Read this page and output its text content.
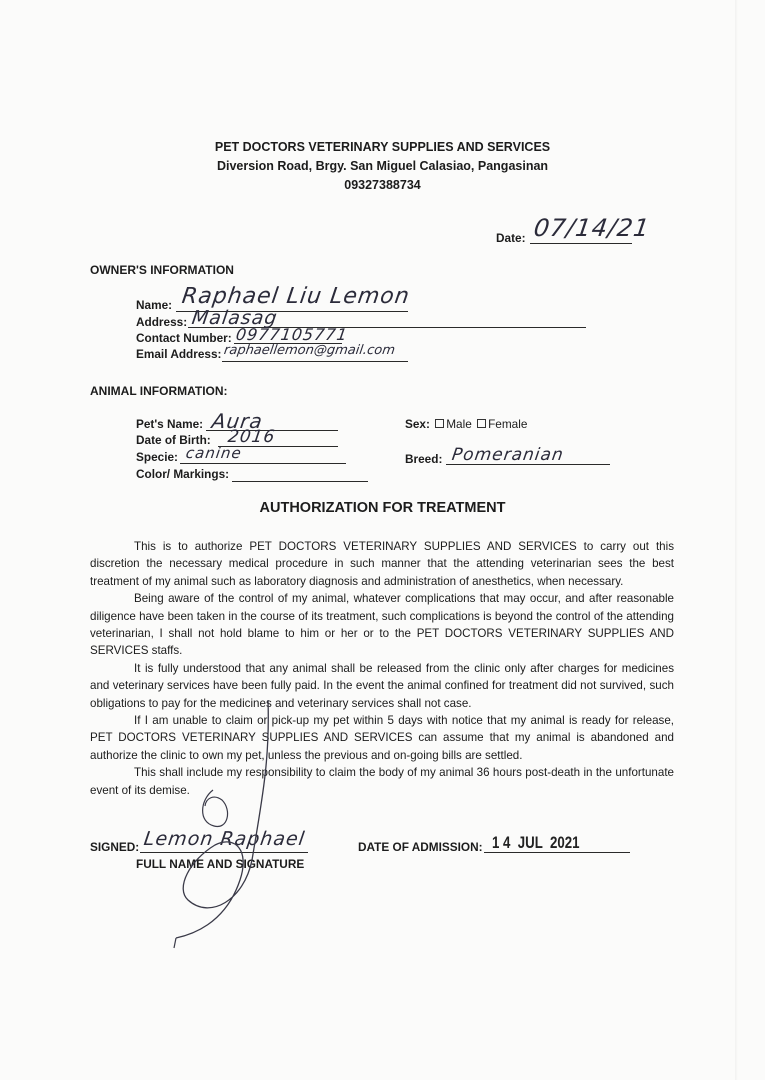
PET DOCTORS VETERINARY SUPPLIES AND SERVICES
Diversion Road, Brgy. San Miguel Calasiao, Pangasinan
09327388734
Date: 07/14/21
OWNER'S INFORMATION
Name: Raphael Liu Lemon
Address: Malasag
Contact Number: 0977105771
Email Address: raphaellemon@gmail.com
ANIMAL INFORMATION:
Pet's Name: Aura
Date of Birth: 2016
Specie: canine
Color/ Markings:
Sex: Male Female
Breed: Pomeranian
AUTHORIZATION FOR TREATMENT

This is to authorize PET DOCTORS VETERINARY SUPPLIES AND SERVICES to carry out this discretion the necessary medical procedure in such manner that the attending veterinarian sees the best treatment of my animal such as laboratory diagnosis and administration of anesthetics, when necessary.

Being aware of the control of my animal, whatever complications that may occur, and after reasonable diligence have been taken in the course of its treatment, such complications is beyond the control of the attending veterinarian, I shall not hold blame to him or her or to the PET DOCTORS VETERINARY SUPPLIES AND SERVICES staffs.

It is fully understood that any animal shall be released from the clinic only after charges for medicines and veterinary services have been fully paid. In the event the animal confined for treatment did not survived, such obligations to pay for the medicines and veterinary services shall not case.

If I am unable to claim or pick-up my pet within 5 days with notice that my animal is ready for release, PET DOCTORS VETERINARY SUPPLIES AND SERVICES can assume that my animal is abandoned and authorize the clinic to own my pet, unless the previous and on-going bills are settled.

This shall include my responsibility to claim the body of my animal 36 hours post-death in the unfortunate event of its demise.

SIGNED: Lemon Raphael
FULL NAME AND SIGNATURE
DATE OF ADMISSION: 1 4  JUL  2021
